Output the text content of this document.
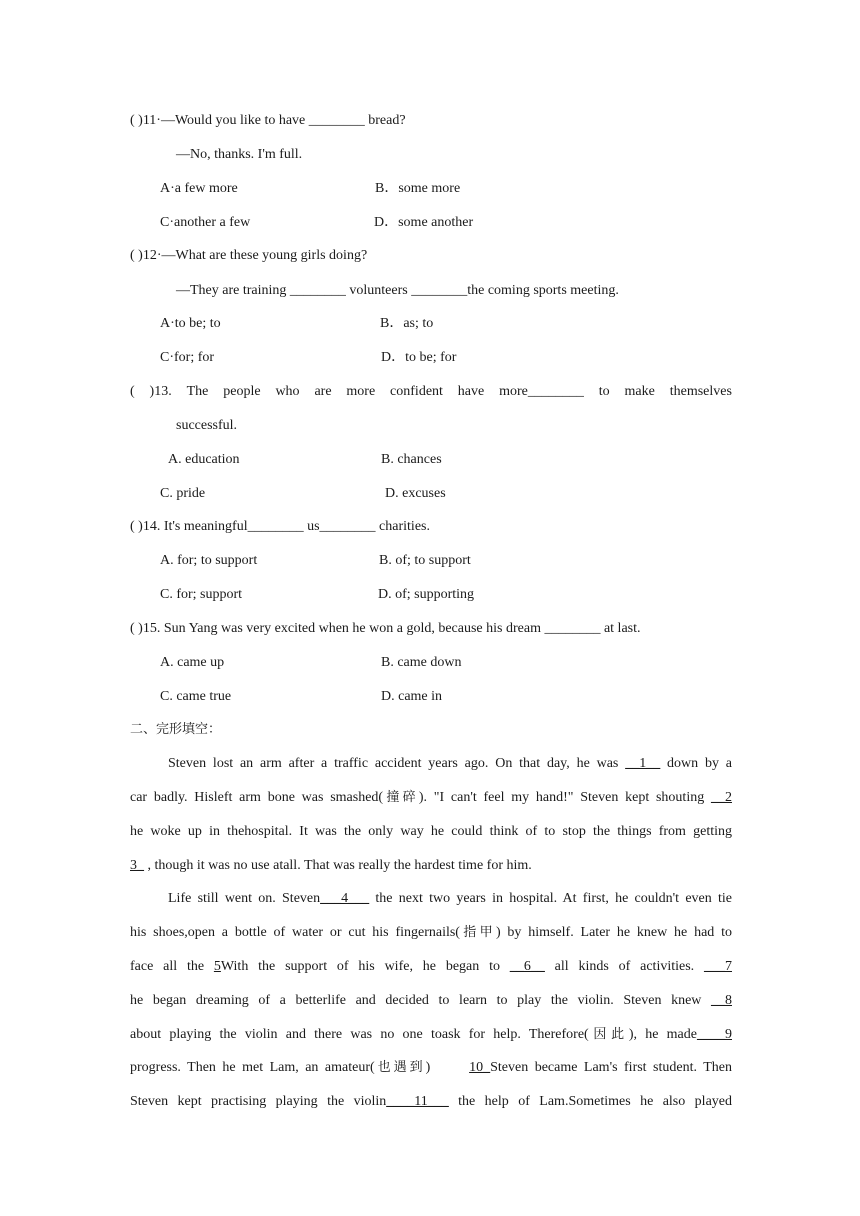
( )11·—Would you like to have ________ bread?
—No, thanks. I'm full.
A·a few more	B．some more
C·another a few	D．some another
( )12·—What are these young girls doing?
—They are training ________ volunteers ________the coming sports meeting.
A·to be; to	B．as; to
C·for; for	D．to be; for
( )13. The people who are more confident have more________ to make themselves
successful.
A. education	B. chances
C. pride	D. excuses
( )14. It's meaningful________ us________ charities.
A. for; to support	B. of; to support
C. for; support	D. of; supporting
( )15. Sun Yang was very excited when he won a gold, because his dream ________ at last.
A. came up	B. came down
C. came true	D. came in
二、完形填空：
Steven lost an arm after a traffic accident years ago. On that day, he was __1__ down by a
car badly. Hisleft arm bone was smashed(撞碎). "I can't feel my hand!" Steven kept shouting __2
he woke up in thehospital. It was the only way he could think of to stop the things from getting
3_ , though it was no use atall. That was really the hardest time for him.
Life still went on. Steven___4___ the next two years in hospital. At first, he couldn't even tie
his shoes,open a bottle of water or cut his fingernails(指甲) by himself. Later he knew he had to
face all the 5With the support of his wife, he began to __6__ all kinds of activities. ___7
he began dreaming of a betterlife and decided to learn to play the violin. Steven knew __8
about playing the violin and there was no one toask for help. Therefore(因此), he made____9
progress. Then he met Lam, an amateur(也遇到)	10_Steven became Lam's first student. Then
Steven kept practising playing the violin____11___ the help of Lam.Sometimes he also played
